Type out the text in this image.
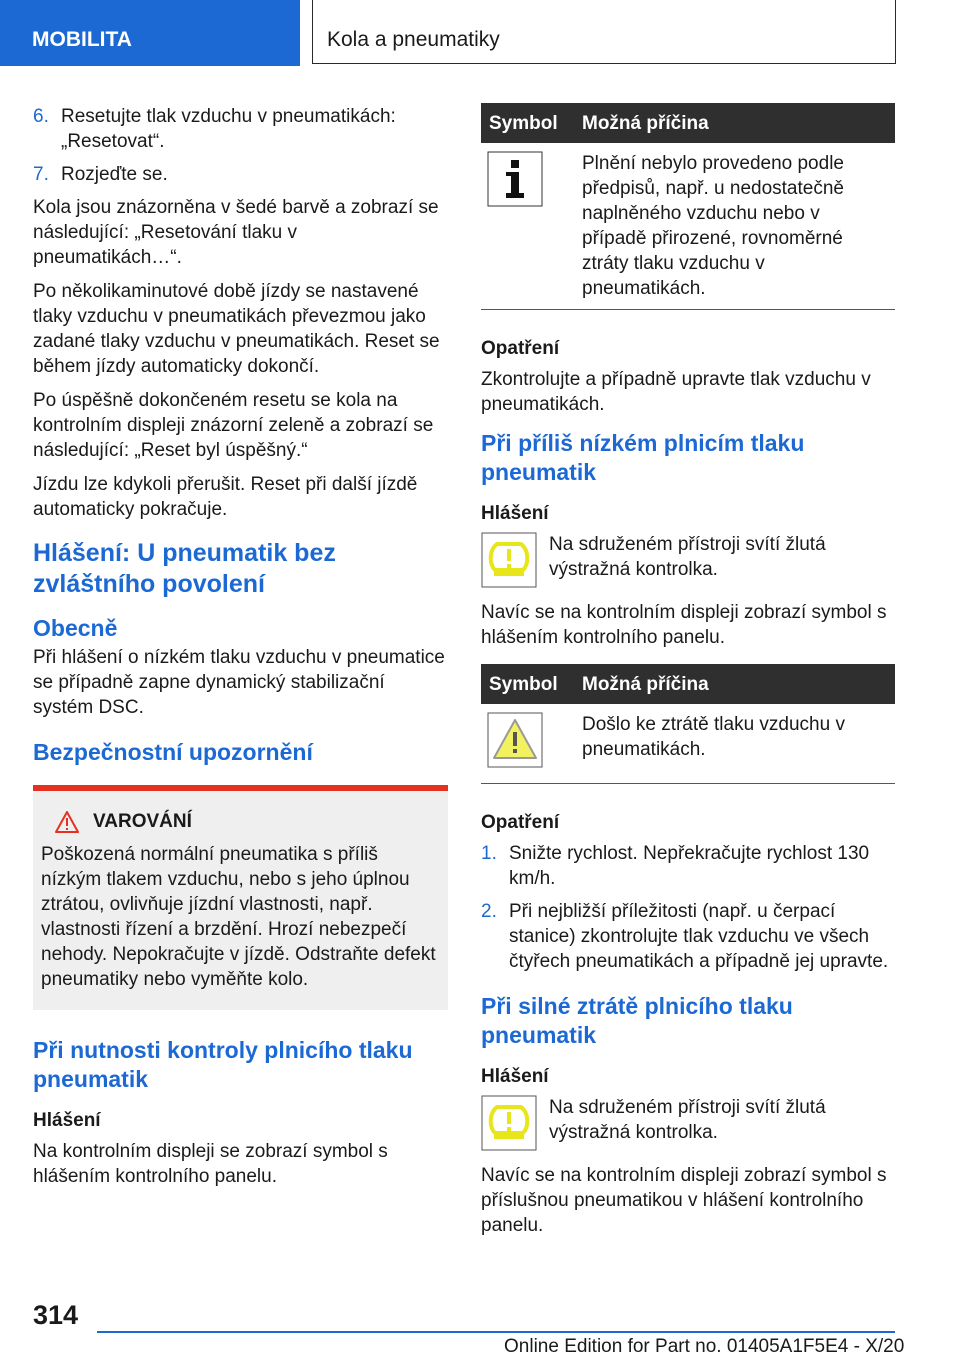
MOBILITA	Kola a pneumatiky
6. Resetujte tlak vzduchu v pneumatikách: „Resetovat“.
7. Rozjeďte se.

Kola jsou znázorněna v šedé barvě a zobrazí se následující: „Resetování tlaku v pneumatikách…“.

Po několikaminutové době jízdy se nastavené tlaky vzduchu v pneumatikách převezmou jako zadané tlaky vzduchu v pneumatikách. Reset se během jízdy automaticky dokončí.

Po úspěšně dokončeném resetu se kola na kontrolním displeji znázorní zeleně a zobrazí se následující: „Reset byl úspěšný.“

Jízdu lze kdykoli přerušit. Reset při další jízdě automaticky pokračuje.

Hlášení: U pneumatik bez zvláštního povolení
Obecně

Při hlášení o nízkém tlaku vzduchu v pneumatice se případně zapne dynamický stabilizační systém DSC.

Bezpečnostní upozornění
VAROVÁNÍ
Poškozená normální pneumatika s příliš nízkým tlakem vzduchu, nebo s jeho úplnou ztrátou, ovlivňuje jízdní vlastnosti, např. vlastnosti řízení a brzdění. Hrozí nebezpečí nehody. Nepokračujte v jízdě. Odstraňte defekt pneumatiky nebo vyměňte kolo.
Při nutnosti kontroly plnicího tlaku pneumatik
Hlášení

Na kontrolním displeji se zobrazí symbol s hlášením kontrolního panelu.

Symbol	Možná příčina
	Plnění nebylo provedeno podle předpisů, např. u nedostatečně naplněného vzduchu nebo v případě přirozené, rovnoměrné ztráty tlaku vzduchu v pneumatikách.
Opatření

Zkontrolujte a případně upravte tlak vzduchu v pneumatikách.

Při příliš nízkém plnicím tlaku pneumatik
Hlášení
Na sdruženém přístroji svítí žlutá výstražná kontrolka.

Navíc se na kontrolním displeji zobrazí symbol s hlášením kontrolního panelu.

Symbol	Možná příčina
	Došlo ke ztrátě tlaku vzduchu v pneumatikách.
Opatření
1. Snižte rychlost. Nepřekračujte rychlost 130 km/h.
2. Při nejbližší příležitosti (např. u čerpací stanice) zkontrolujte tlak vzduchu ve všech čtyřech pneumatikách a případně jej upravte.
Při silné ztrátě plnicího tlaku pneumatik
Hlášení
Na sdruženém přístroji svítí žlutá výstražná kontrolka.

Navíc se na kontrolním displeji zobrazí symbol s příslušnou pneumatikou v hlášení kontrolního panelu.

314
Online Edition for Part no. 01405A1F5E4 - X/20
